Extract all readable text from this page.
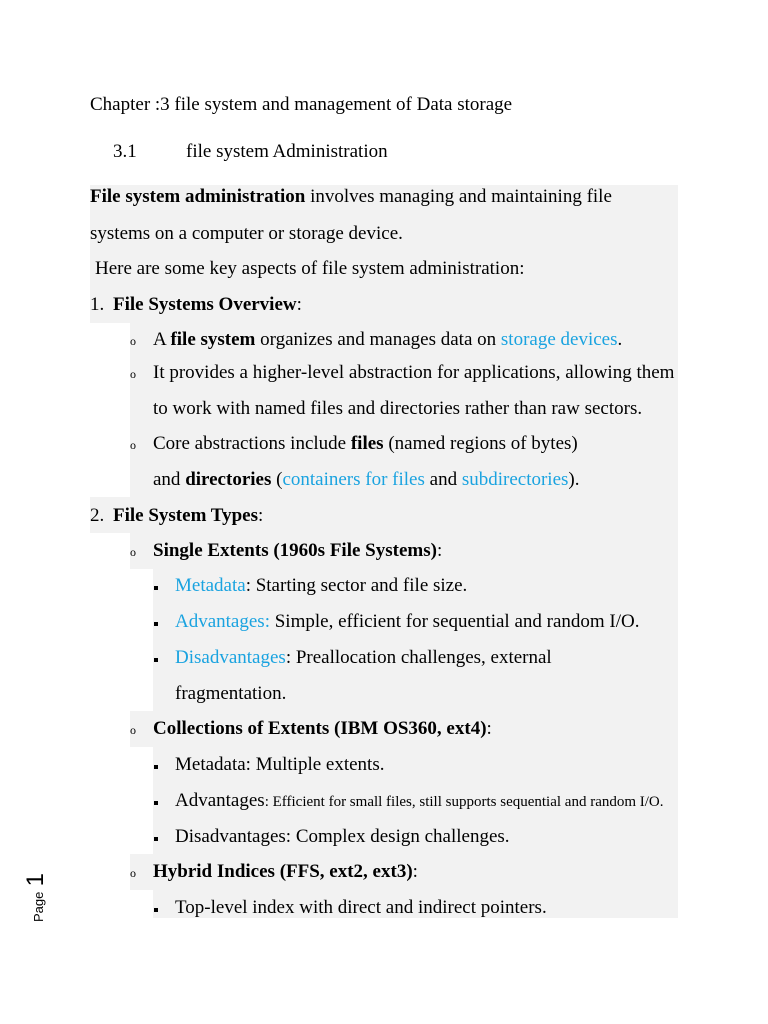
Chapter :3 file system and management of Data storage
3.1	file system Administration
File system administration involves managing and maintaining file
systems on a computer or storage device.
Here are some key aspects of file system administration:
1. File Systems Overview:
o A file system organizes and manages data on storage devices.
o It provides a higher-level abstraction for applications, allowing them
to work with named files and directories rather than raw sectors.
o Core abstractions include files (named regions of bytes)
and directories (containers for files and subdirectories).
2. File System Types:
o Single Extents (1960s File Systems):
Metadata: Starting sector and file size.
Advantages: Simple, efficient for sequential and random I/O.
Disadvantages: Preallocation challenges, external
fragmentation.
o Collections of Extents (IBM OS360, ext4):
Metadata: Multiple extents.
Advantages: Efficient for small files, still supports sequential and random I/O.
Disadvantages: Complex design challenges.
o Hybrid Indices (FFS, ext2, ext3):
Top-level index with direct and indirect pointers.
Page 1
